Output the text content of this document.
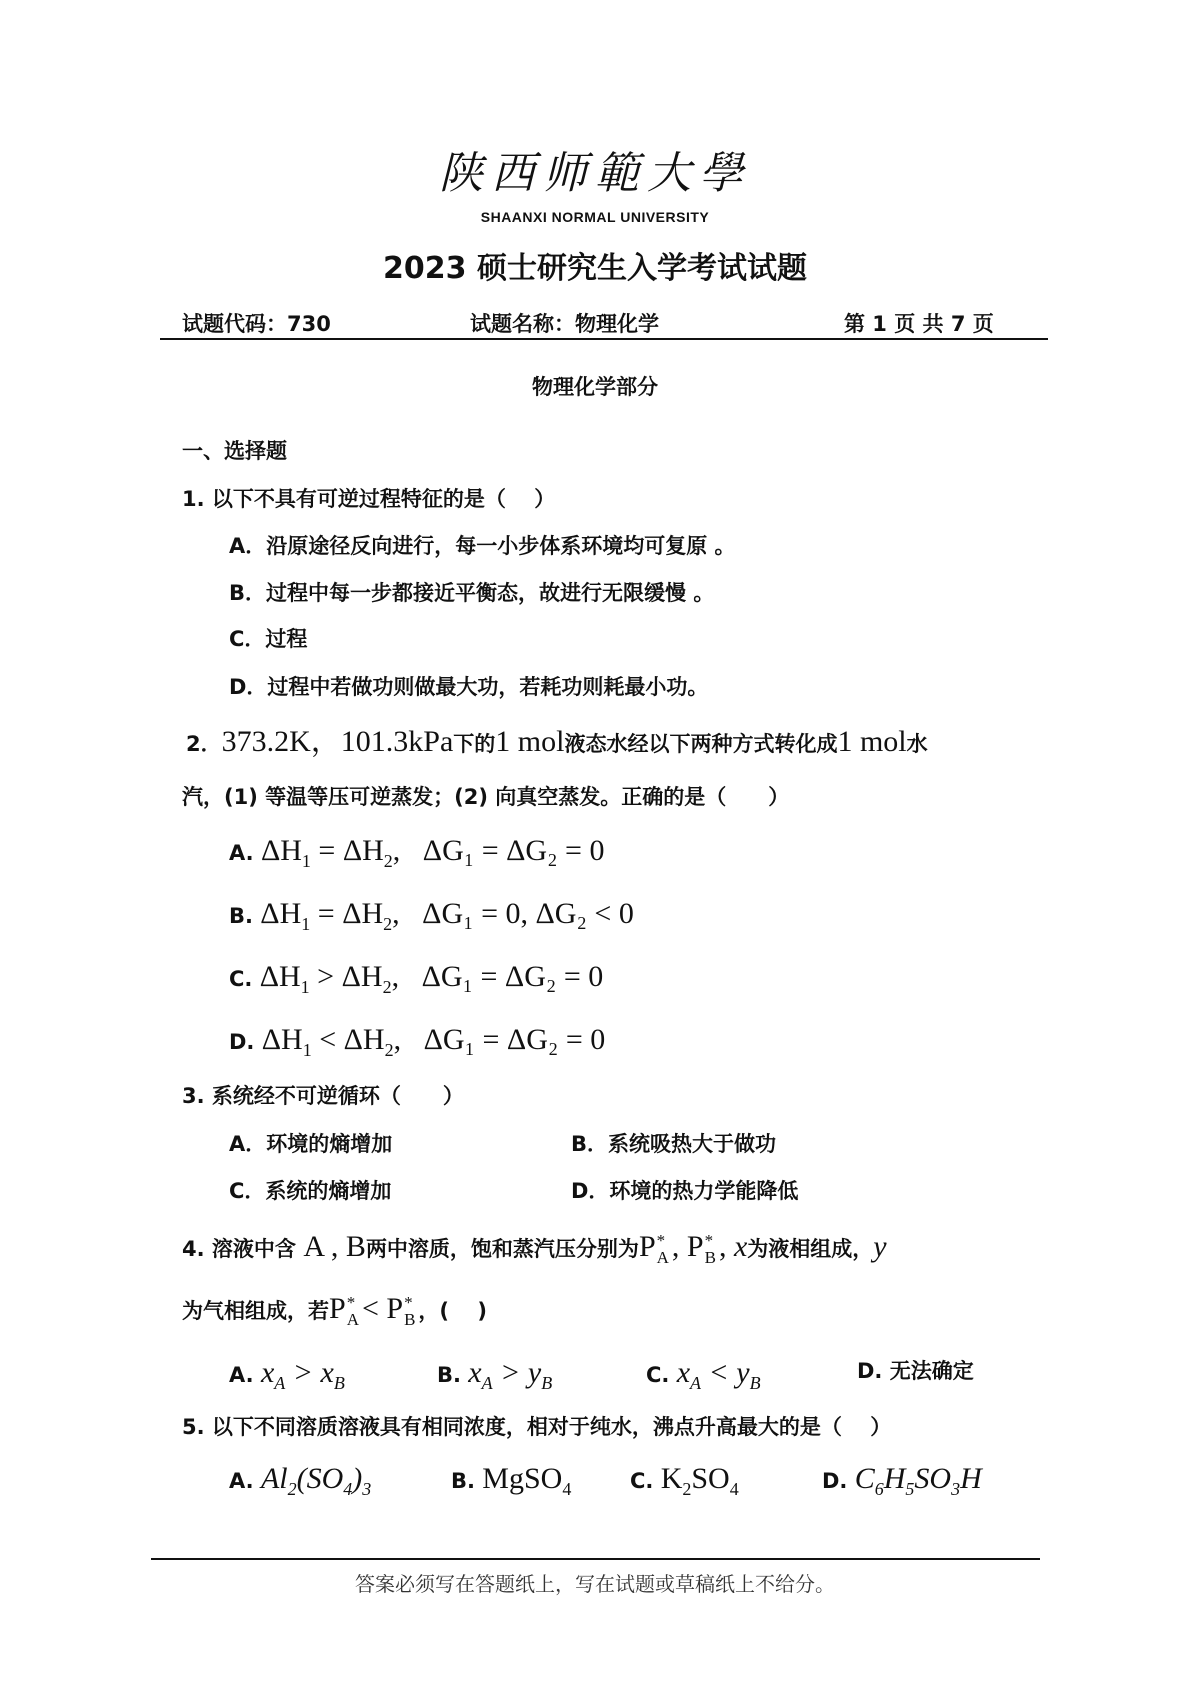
陕西师範大學
SHAANXI NORMAL UNIVERSITY
2023 硕士研究生入学考试试题
试题代码：730	试题名称：物理化学	第 1 页 共 7 页
物理化学部分
一、选择题
1. 以下不具有可逆过程特征的是（　 ）
A．沿原途径反向进行，每一小步体系环境均可复原 。
B．过程中每一步都接近平衡态，故进行无限缓慢 。
C．过程
D．过程中若做功则做最大功，若耗功则耗最小功。
2．373.2K，101.3kPa下的1 mol液态水经以下两种方式转化成1 mol水
汽，(1) 等温等压可逆蒸发；(2) 向真空蒸发。正确的是（　　）
A. $\Delta H_1 = \Delta H_2$,   ΔG₁ = ΔG₂ = 0
B. $\Delta H_1 = \Delta H_2$,   ΔG₁ = 0, ΔG₂ < 0
C. $\Delta H_1 > \Delta H_2$,   ΔG₁ = ΔG₂ = 0
D. $\Delta H_1 < \Delta H_2$,   ΔG₁ = ΔG₂ = 0
3. 系统经不可逆循环（　　）
A．环境的熵增加	B．系统吸热大于做功
C．系统的熵增加	D．环境的热力学能降低
4. 溶液中含 A , B两中溶质，饱和蒸汽压分别为P *
A , P *
B , x为液相组成，y
为气相组成，若P *
A < P *
B ，(　 )
A. $x_A > x_B$	B. $x_A > y_B$	C. $x_A < y_B$	D. 无法确定
5. 以下不同溶质溶液具有相同浓度，相对于纯水，沸点升高最大的是（　 ）
A. $Al_2(SO_4)_3$	B. MgSO$_4$	C. $K_2SO_4$	D. $C_6H_5SO_3H$
答案必须写在答题纸上，写在试题或草稿纸上不给分。
